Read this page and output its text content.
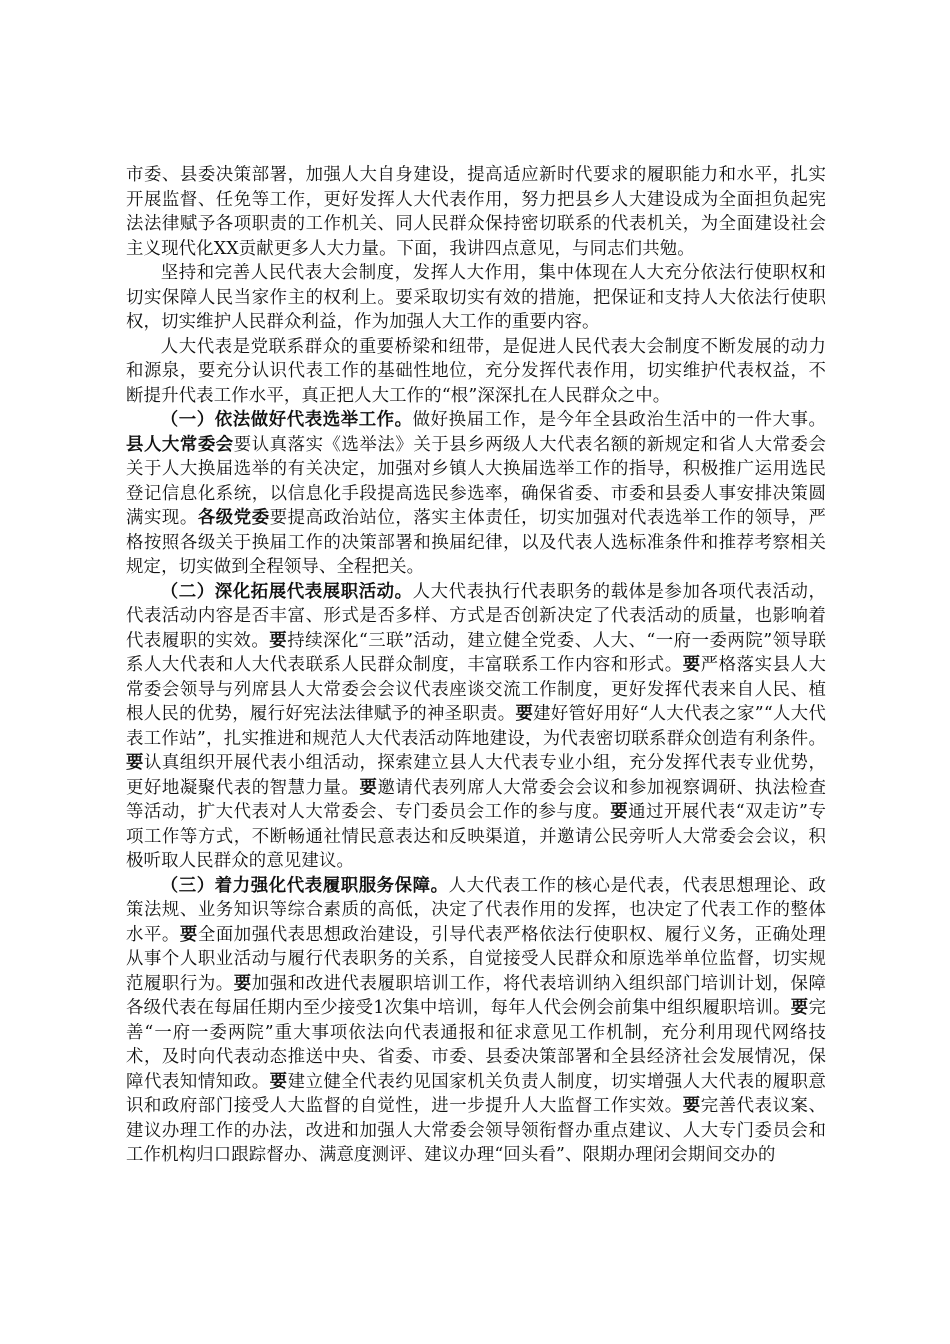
市委、县委决策部署，加强人大自身建设，提高适应新时代要求的履职能力和水平，扎实开展监督、任免等工作，更好发挥人大代表作用，努力把县乡人大建设成为全面担负起宪法法律赋予各项职责的工作机关、同人民群众保持密切联系的代表机关，为全面建设社会主义现代化XX贡献更多人大力量。下面，我讲四点意见，与同志们共勉。

坚持和完善人民代表大会制度，发挥人大作用，集中体现在人大充分依法行使职权和切实保障人民当家作主的权利上。要采取切实有效的措施，把保证和支持人大依法行使职权，切实维护人民群众利益，作为加强人大工作的重要内容。

人大代表是党联系群众的重要桥梁和纽带，是促进人民代表大会制度不断发展的动力和源泉，要充分认识代表工作的基础性地位，充分发挥代表作用，切实维护代表权益，不断提升代表工作水平，真正把人大工作的“根”深深扎在人民群众之中。

（一）依法做好代表选举工作。做好换届工作，是今年全县政治生活中的一件大事。县人大常委会要认真落实《选举法》关于县乡两级人大代表名额的新规定和省人大常委会关于人大换届选举的有关决定，加强对乡镇人大换届选举工作的指导，积极推广运用选民登记信息化系统，以信息化手段提高选民参选率，确保省委、市委和县委人事安排决策圆满实现。各级党委要提高政治站位，落实主体责任，切实加强对代表选举工作的领导，严格按照各级关于换届工作的决策部署和换届纪律，以及代表人选标准条件和推荐考察相关规定，切实做到全程领导、全程把关。

（二）深化拓展代表展职活动。人大代表执行代表职务的载体是参加各项代表活动，代表活动内容是否丰富、形式是否多样、方式是否创新决定了代表活动的质量，也影响着代表履职的实效。要持续深化“三联”活动，建立健全党委、人大、“一府一委两院”领导联系人大代表和人大代表联系人民群众制度，丰富联系工作内容和形式。要严格落实县人大常委会领导与列席县人大常委会会议代表座谈交流工作制度，更好发挥代表来自人民、植根人民的优势，履行好宪法法律赋予的神圣职责。要建好管好用好“人大代表之家”“人大代表工作站”，扎实推进和规范人大代表活动阵地建设，为代表密切联系群众创造有利条件。要认真组织开展代表小组活动，探索建立县人大代表专业小组，充分发挥代表专业优势，更好地凝聚代表的智慧力量。要邀请代表列席人大常委会会议和参加视察调研、执法检查等活动，扩大代表对人大常委会、专门委员会工作的参与度。要通过开展代表“双走访”专项工作等方式，不断畅通社情民意表达和反映渠道，并邀请公民旁听人大常委会会议，积极听取人民群众的意见建议。

（三）着力强化代表履职服务保障。人大代表工作的核心是代表，代表思想理论、政策法规、业务知识等综合素质的高低，决定了代表作用的发挥，也决定了代表工作的整体水平。要全面加强代表思想政治建设，引导代表严格依法行使职权、履行义务，正确处理从事个人职业活动与履行代表职务的关系，自觉接受人民群众和原选举单位监督，切实规范履职行为。要加强和改进代表履职培训工作，将代表培训纳入组织部门培训计划，保障各级代表在每届任期内至少接受1次集中培训，每年人代会例会前集中组织履职培训。要完善“一府一委两院”重大事项依法向代表通报和征求意见工作机制，充分利用现代网络技术，及时向代表动态推送中央、省委、市委、县委决策部署和全县经济社会发展情况，保障代表知情知政。要建立健全代表约见国家机关负责人制度，切实增强人大代表的履职意识和政府部门接受人大监督的自觉性，进一步提升人大监督工作实效。要完善代表议案、建议办理工作的办法，改进和加强人大常委会领导领衔督办重点建议、人大专门委员会和工作机构归口跟踪督办、满意度测评、建议办理“回头看”、限期办理闭会期间交办的
